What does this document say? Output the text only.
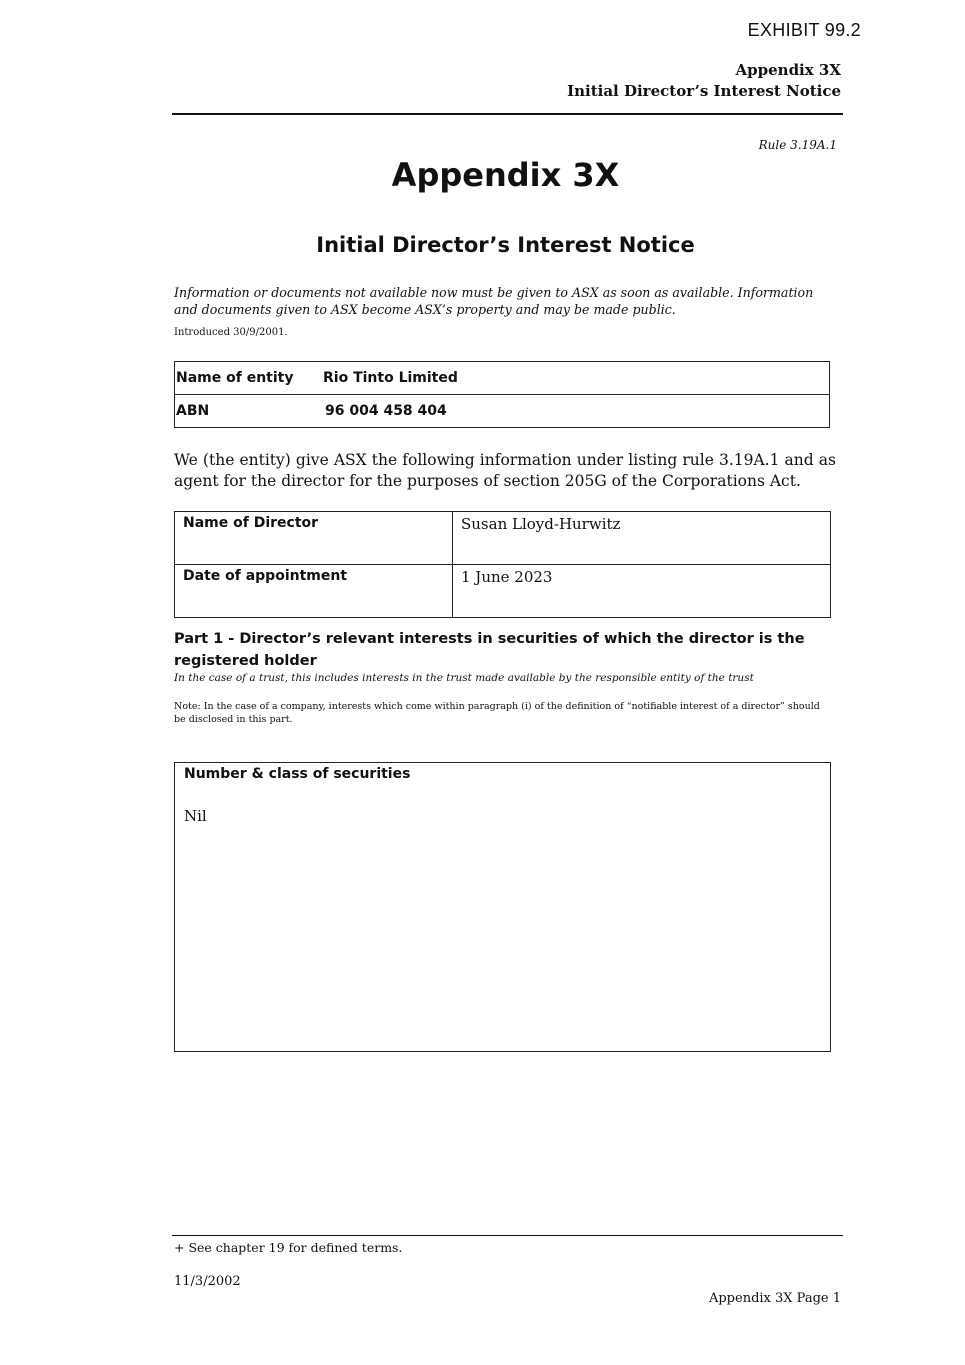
EXHIBIT 99.2
Appendix 3X
Initial Director’s Interest Notice
Rule 3.19A.1
Appendix 3X
Initial Director’s Interest Notice
Information or documents not available now must be given to ASX as soon as available. Information and documents given to ASX become ASX’s property and may be made public.
Introduced 30/9/2001.
Name of entity	Rio Tinto Limited
ABN	96 004 458 404
We (the entity) give ASX the following information under listing rule 3.19A.1 and as agent for the director for the purposes of section 205G of the Corporations Act.
Name of Director	Susan Lloyd-Hurwitz
Date of appointment	1 June 2023
Part 1 - Director’s relevant interests in securities of which the director is the registered holder
In the case of a trust, this includes interests in the trust made available by the responsible entity of the trust
Note: In the case of a company, interests which come within paragraph (i) of the definition of “notifiable interest of a director” should be disclosed in this part.
Number & class of securities
Nil
+ See chapter 19 for defined terms.
11/3/2002
Appendix 3X Page 1
